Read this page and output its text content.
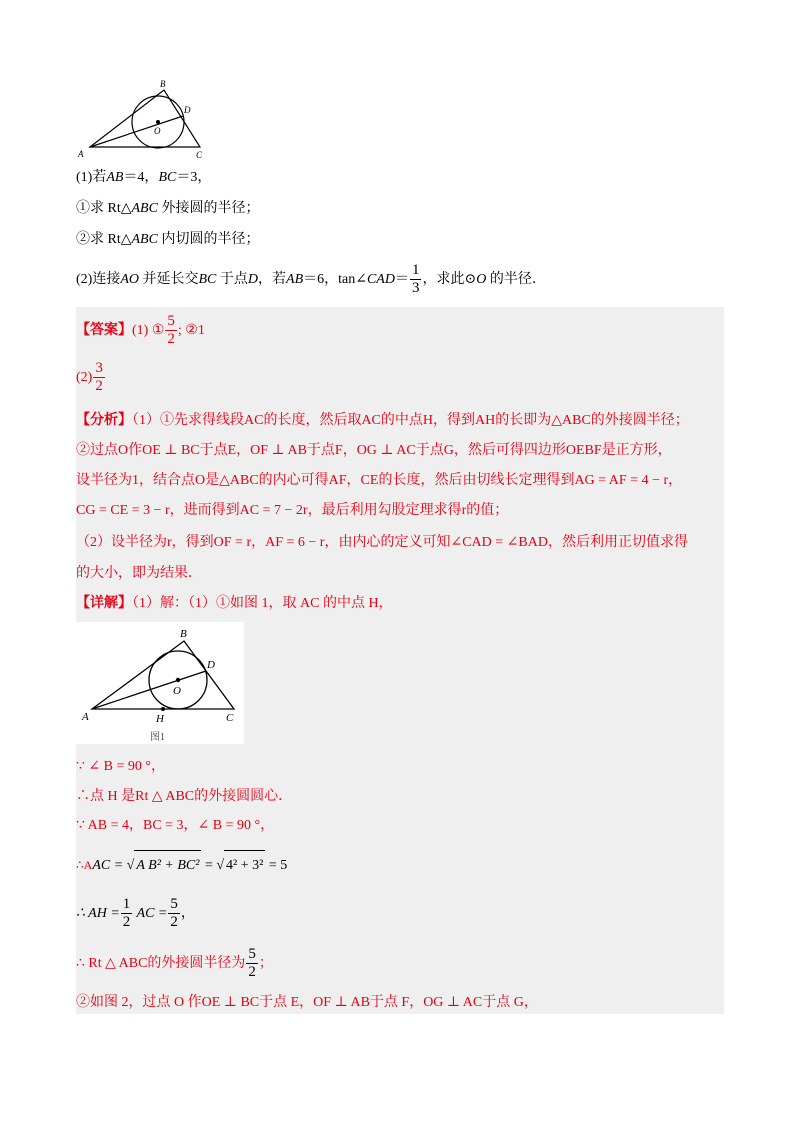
B
D
O
A	C
(1)若AB＝4，BC＝3，
①求 Rt△ABC 外接圆的半径；
②求 Rt△ABC 内切圆的半径；
(2)连接AO 并延长交BC 于点D，若AB＝6，tan∠CAD＝ $\frac{1}{3}$ ，求此⊙O 的半径．
【答案】(1) ① $\frac{5}{2}$ ; ②1
$(2) \frac{3}{2}$
【分析】（1）①先求得线段AC的长度，然后取AC的中点H，得到AH的长即为△ABC的外接圆半径；
②过点O作OE ⊥ BC于点E，OF ⊥ AB于点F，OG ⊥ AC于点G，然后可得四边形OEBF是正方形，
设半径为1，结合点O是△ABC的内心可得AF，CE的长度，然后由切线长定理得到AG = AF = 4 − r，
CG = CE = 3 − r，进而得到AC = 7 − 2r，最后利用勾股定理求得r的值；
（2）设半径为r，得到OF = r，AF = 6 − r，由内心的定义可知∠CAD = ∠BAD，然后利用正切值求得
的大小，即为结果．
【详解】（1）解：（1）①如图 1，取 AC 的中点 H，
B
D
O
A	H	C
图1
∵ ∠ B = 90 °，
∴点 H 是Rt △ ABC的外接圆圆心．
∵ AB = 4，BC = 3，∠ B = 90 °，
∴AAC = √ A B² + BC² = √ 4² + 3² = 5
∴ AH = $\frac{1}{2}$ AC = $\frac{5}{2}$ ，
∴ Rt △ ABC的外接圆半径为 $\frac{5}{2}$ ；
②如图 2，过点 O 作OE ⊥ BC于点 E，OF ⊥ AB于点 F，OG ⊥ AC于点 G，
